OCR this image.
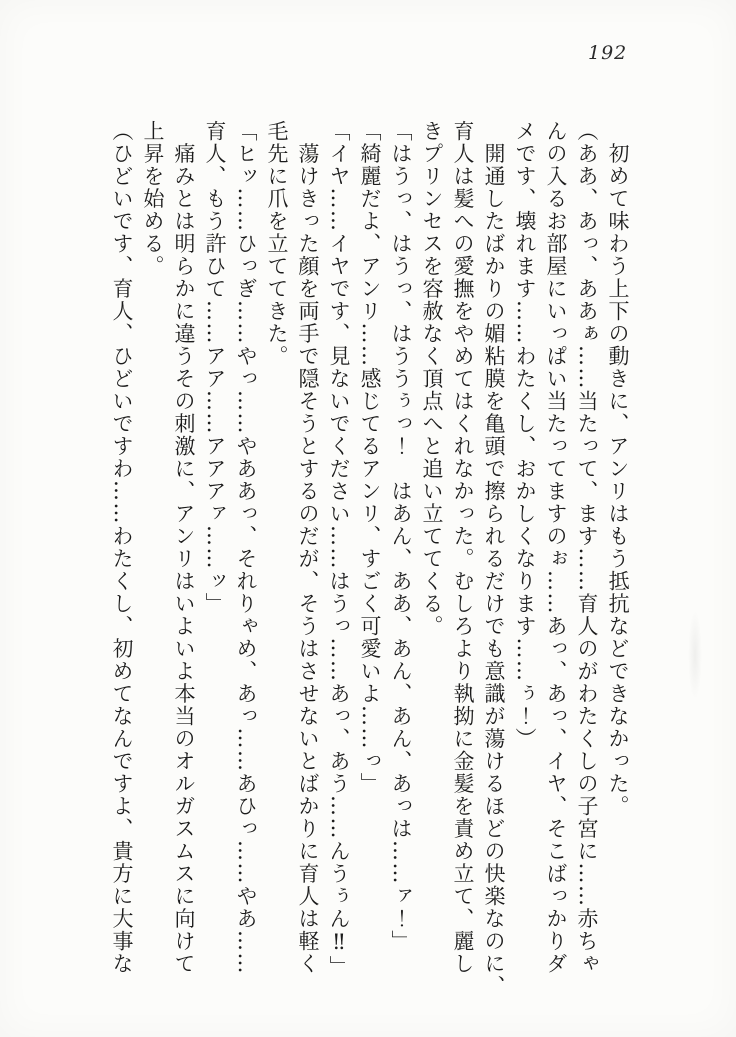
192
　初めて味わう上下の動きに、アンリはもう抵抗などできなかった。
（ああ、あっ、ああぁ……当たって、ます……育人のがわたくしの子宮に……赤ちゃ
んの入るお部屋にいっぱい当たってますのぉ……あっ、あっ、イヤ、そこばっかりダ
メです、壊れます……わたくし、おかしくなります……ぅ！）
　開通したばかりの媚粘膜を亀頭で擦られるだけでも意識が蕩けるほどの快楽なのに、
育人は髪への愛撫をやめてはくれなかった。むしろより執拗に金髪を責め立て、麗し
きプリンセスを容赦なく頂点へと追い立ててくる。
「はうっ、はうっ、はううぅっ！　はあん、ああ、あん、あん、あっは……ァ！」
「綺麗だよ、アンリ……感じてるアンリ、すごく可愛いよ……っ」
「イヤ……イヤです、見ないでください……はうっ……あっ、あう……んうぅん‼」
　蕩けきった顔を両手で隠そうとするのだが、そうはさせないとばかりに育人は軽く
毛先に爪を立ててきた。
「ヒッ……ひっぎ……やっ……やああっ、それりゃめ、あっ……あひっ……やあ……
育人、もう許ひて……アア……アアアァ……ッ」
　痛みとは明らかに違うその刺激に、アンリはいよいよ本当のオルガスムスに向けて
上昇を始める。
（ひどいです、育人、ひどいですわ……わたくし、初めてなんですよ、貴方に大事な
